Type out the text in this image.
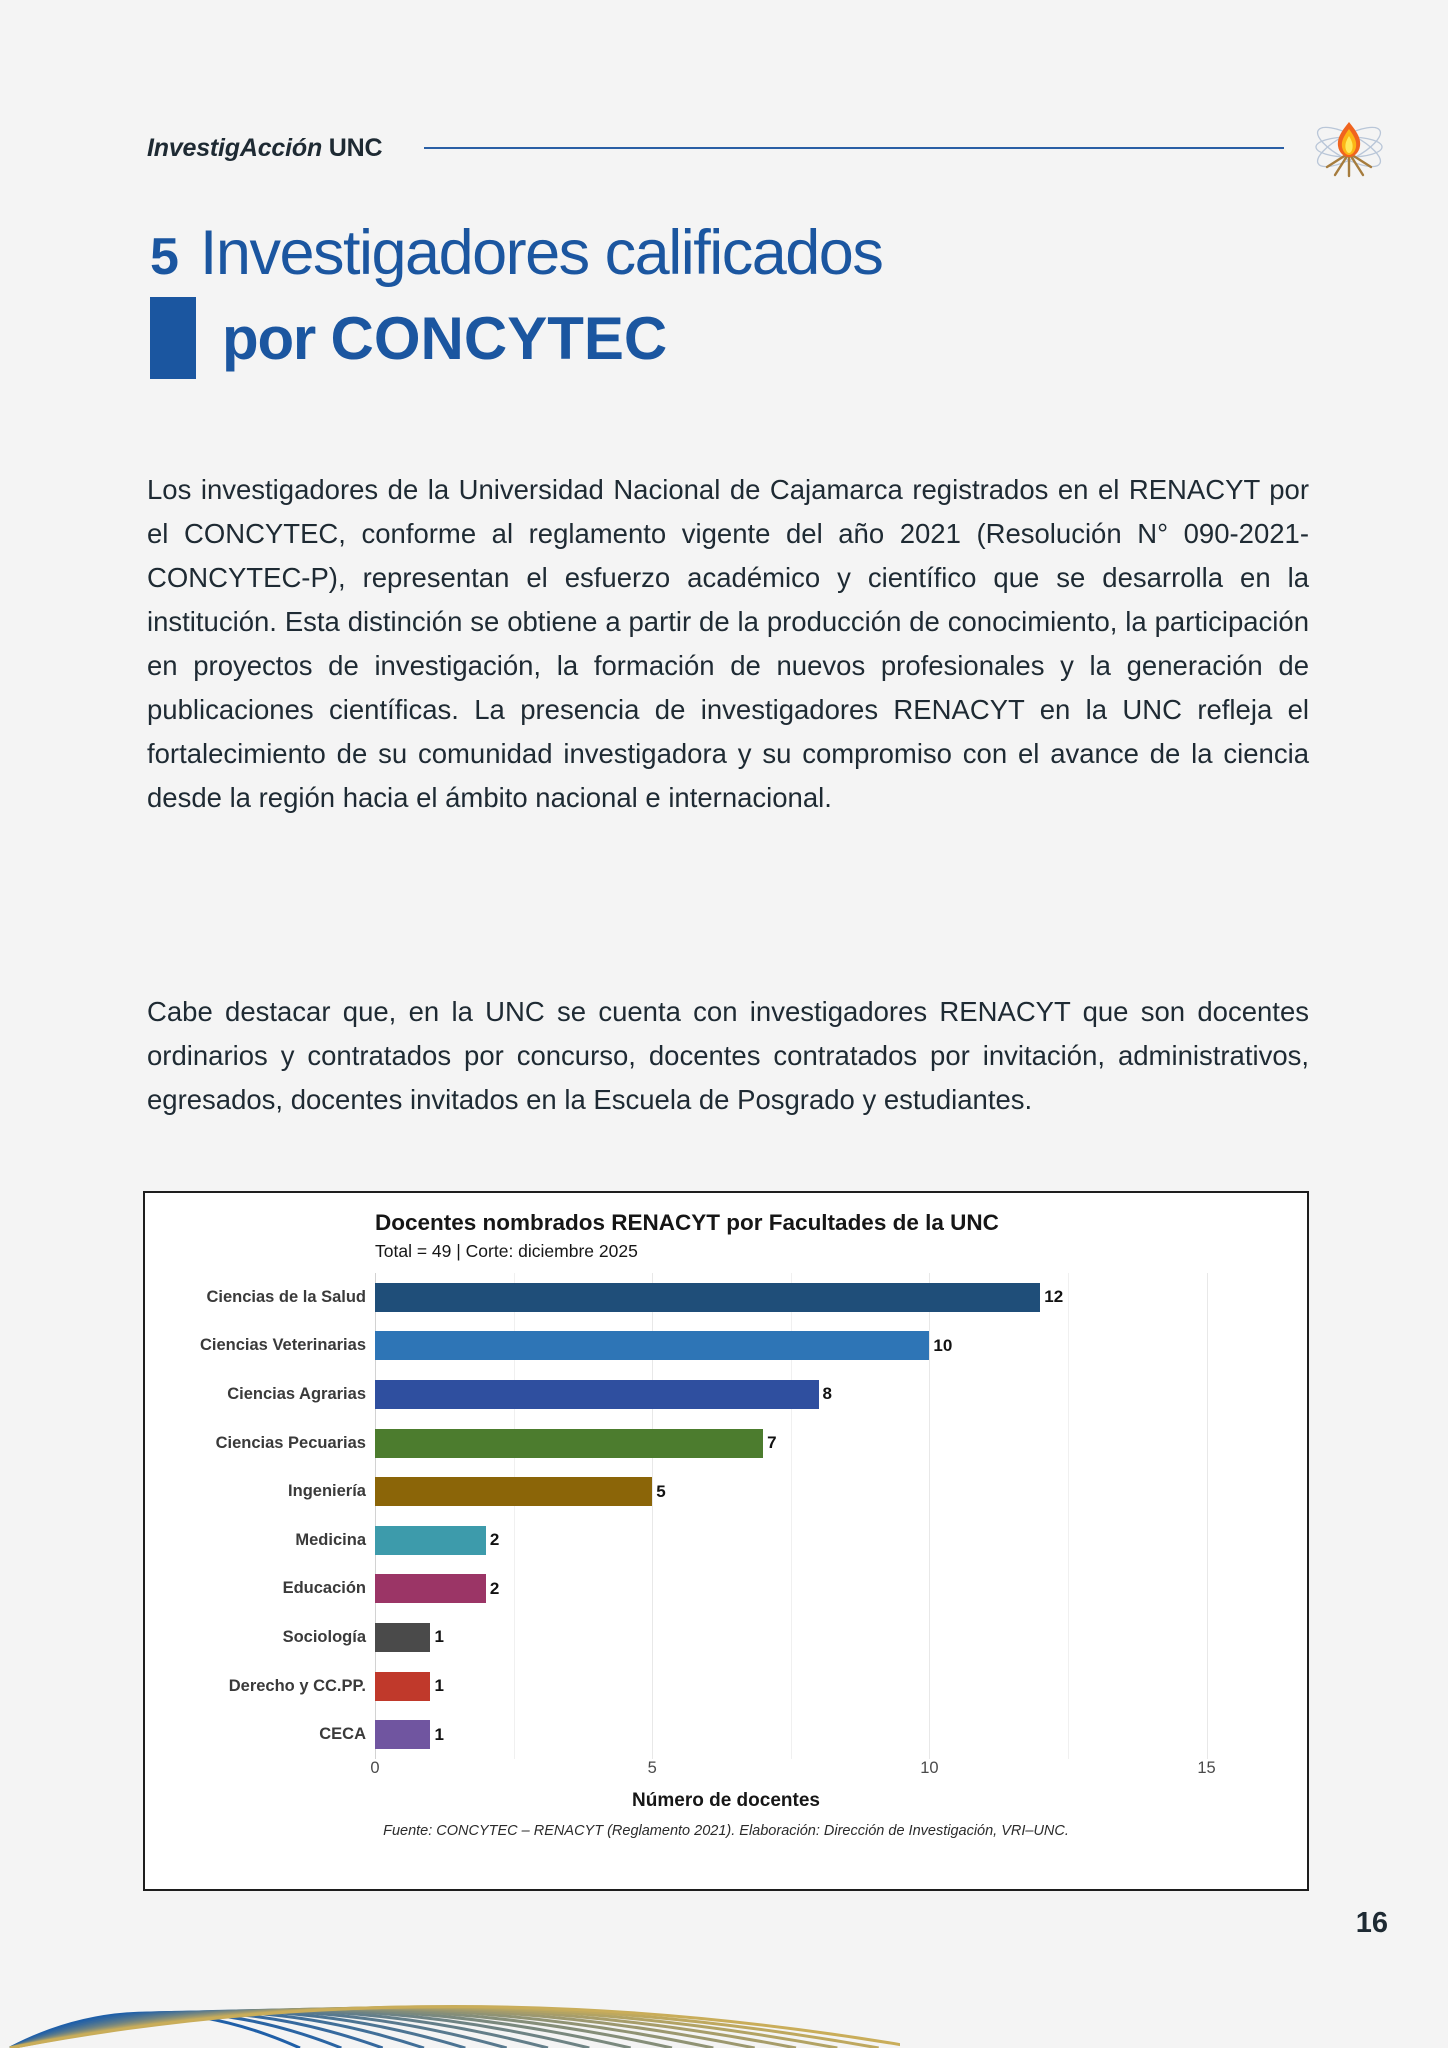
InvestigAcción UNC
5 Investigadores calificados
por CONCYTEC

Los investigadores de la Universidad Nacional de Cajamarca registrados en el RENACYT por el CONCYTEC, conforme al reglamento vigente del año 2021 (Resolución N° 090-2021-CONCYTEC-P), representan el esfuerzo académico y científico que se desarrolla en la institución. Esta distinción se obtiene a partir de la producción de conocimiento, la participación en proyectos de investigación, la formación de nuevos profesionales y la generación de publicaciones científicas. La presencia de investigadores RENACYT en la UNC refleja el fortalecimiento de su comunidad investigadora y su compromiso con el avance de la ciencia desde la región hacia el ámbito nacional e internacional.

Cabe destacar que, en la UNC se cuenta con investigadores RENACYT que son docentes ordinarios y contratados por concurso, docentes contratados por invitación, administrativos, egresados, docentes invitados en la Escuela de Posgrado y estudiantes.

Docentes nombrados RENACYT por Facultades de la UNC
Total = 49 | Corte: diciembre 2025
Ciencias de la Salud	12
Ciencias Veterinarias	10
Ciencias Agrarias	8
Ciencias Pecuarias	7
Ingeniería	5
Medicina	2
Educación	2
Sociología	1
Derecho y CC.PP.	1
CECA	1
0	5	10	15
Número de docentes
Fuente: CONCYTEC – RENACYT (Reglamento 2021). Elaboración: Dirección de Investigación, VRI–UNC.
16
